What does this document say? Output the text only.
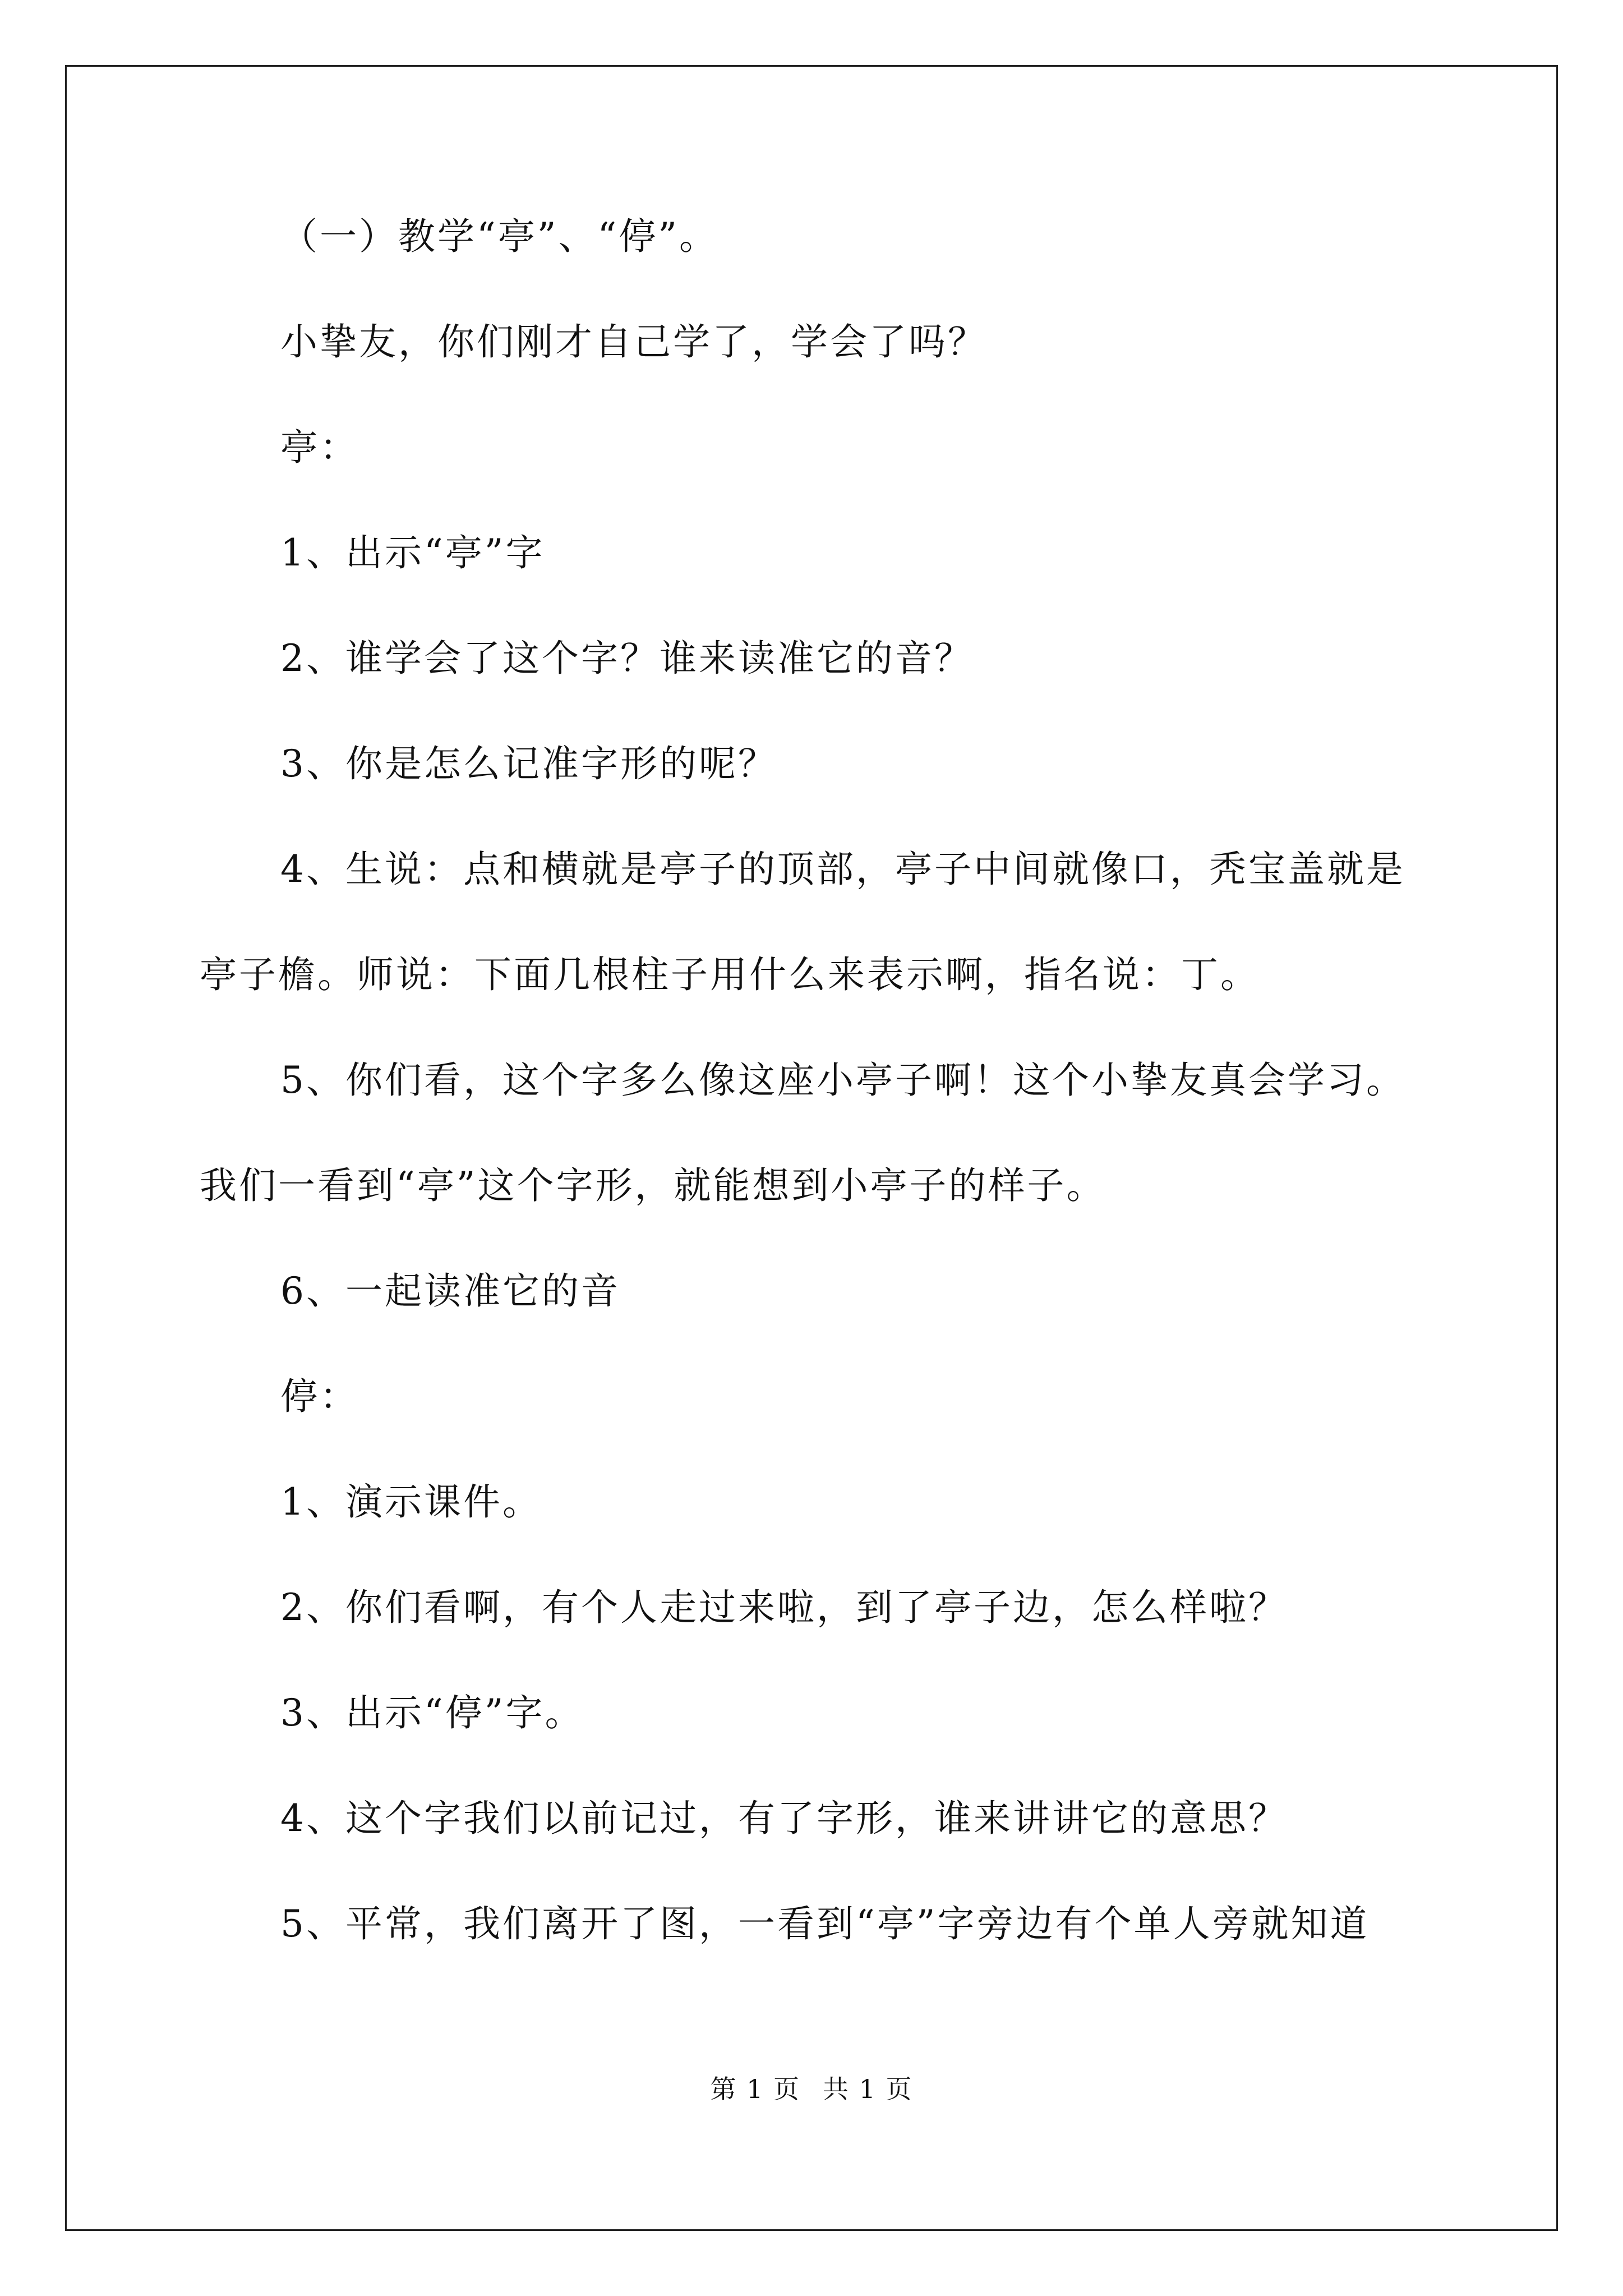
（一）教学“亭”、“停”。
小挚友，你们刚才自己学了，学会了吗？
亭：
1、出示“亭”字
2、谁学会了这个字？谁来读准它的音？
3、你是怎么记准字形的呢？
4、生说：点和横就是亭子的顶部，亭子中间就像口，秃宝盖就是
亭子檐。师说：下面几根柱子用什么来表示啊，指名说：丁。
5、你们看，这个字多么像这座小亭子啊！这个小挚友真会学习。
我们一看到“亭”这个字形，就能想到小亭子的样子。
6、一起读准它的音
停：
1、演示课件。
2、你们看啊，有个人走过来啦，到了亭子边，怎么样啦？
3、出示“停”字。
4、这个字我们以前记过，有了字形，谁来讲讲它的意思？
5、平常，我们离开了图，一看到“亭”字旁边有个单人旁就知道
第 1 页 共 1 页
